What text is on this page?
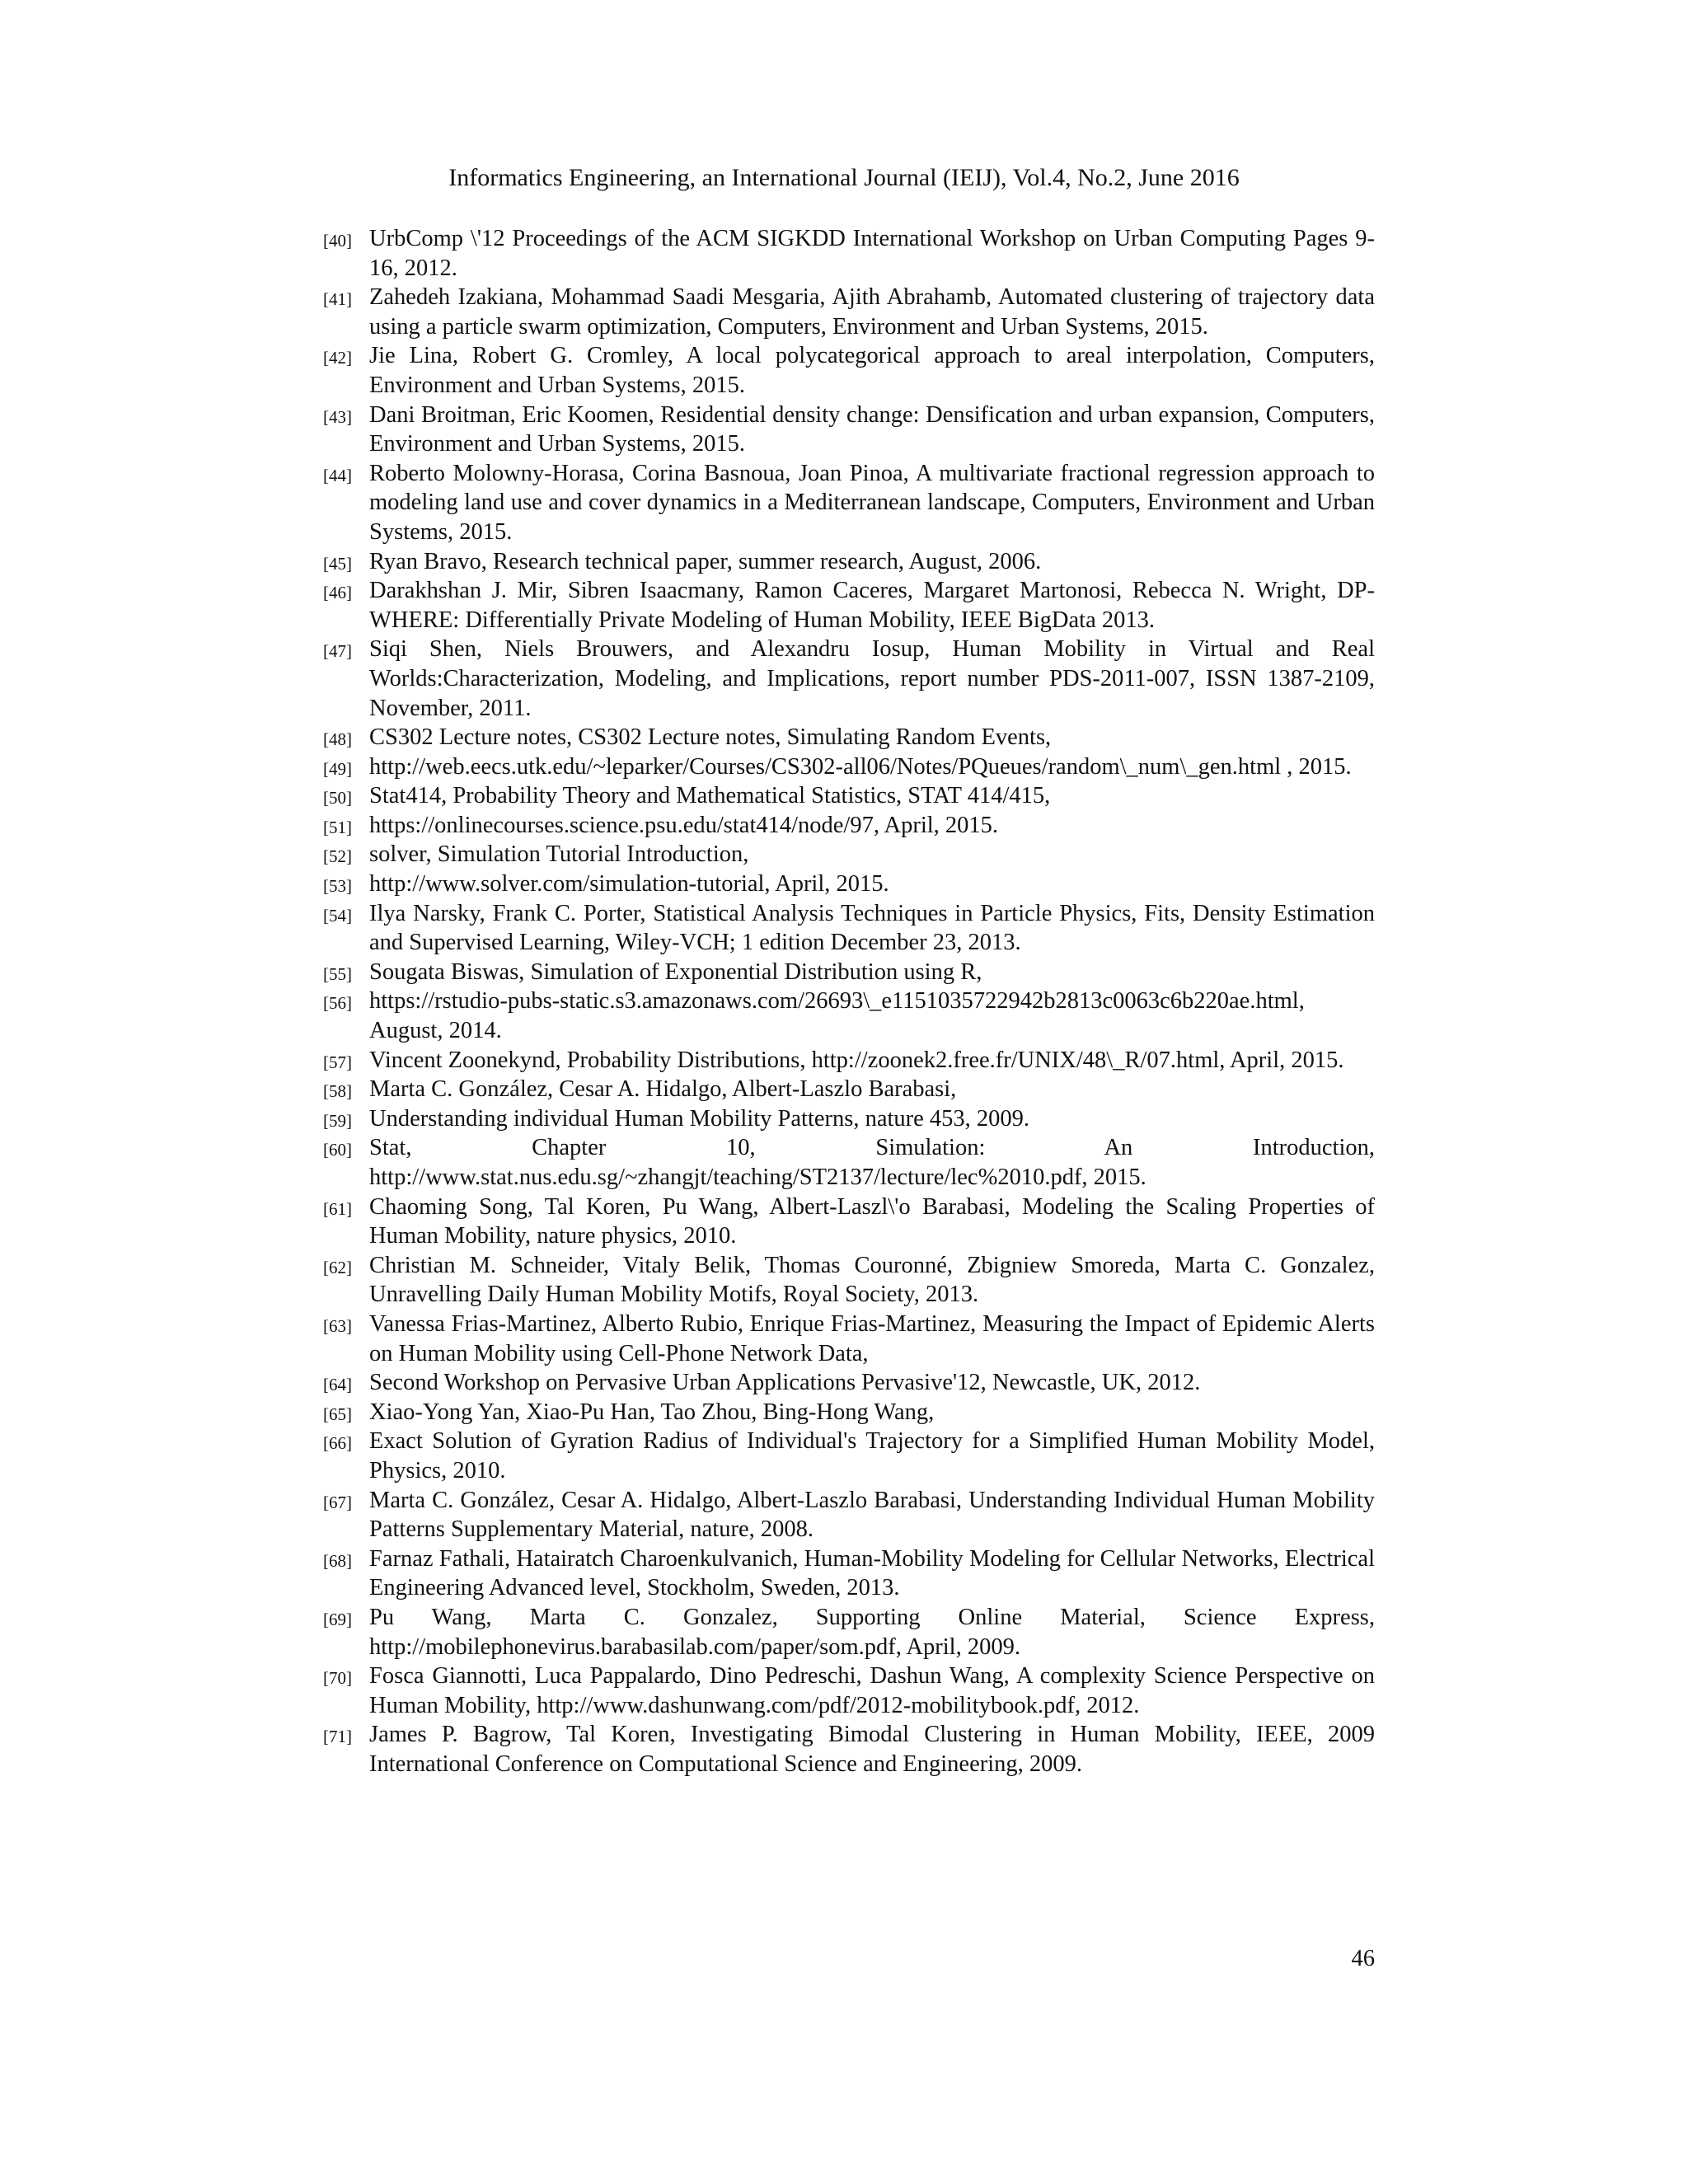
Informatics Engineering, an International Journal (IEIJ), Vol.4, No.2, June 2016
[40] UrbComp \'12 Proceedings of the ACM SIGKDD International Workshop on Urban Computing Pages 9-16, 2012.
[41] Zahedeh Izakiana, Mohammad Saadi Mesgaria, Ajith Abrahamb, Automated clustering of trajectory data using a particle swarm optimization, Computers, Environment and Urban Systems, 2015.
[42] Jie Lina, Robert G. Cromley, A local polycategorical approach to areal interpolation, Computers, Environment and Urban Systems, 2015.
[43] Dani Broitman, Eric Koomen, Residential density change: Densification and urban expansion, Computers, Environment and Urban Systems, 2015.
[44] Roberto Molowny-Horasa, Corina Basnoua, Joan Pinoa, A multivariate fractional regression approach to modeling land use and cover dynamics in a Mediterranean landscape, Computers, Environment and Urban Systems, 2015.
[45] Ryan Bravo, Research technical paper, summer research, August, 2006.
[46] Darakhshan J. Mir, Sibren Isaacmany, Ramon Caceres, Margaret Martonosi, Rebecca N. Wright, DP-WHERE: Differentially Private Modeling of Human Mobility, IEEE BigData 2013.
[47] Siqi Shen, Niels Brouwers, and Alexandru Iosup, Human Mobility in Virtual and Real Worlds:Characterization, Modeling, and Implications, report number PDS-2011-007, ISSN 1387-2109, November, 2011.
[48] CS302 Lecture notes, CS302 Lecture notes, Simulating Random Events,
[49] http://web.eecs.utk.edu/~leparker/Courses/CS302-all06/Notes/PQueues/random\_num\_gen.html , 2015.
[50] Stat414, Probability Theory and Mathematical Statistics, STAT 414/415,
[51] https://onlinecourses.science.psu.edu/stat414/node/97, April, 2015.
[52] solver, Simulation Tutorial Introduction,
[53] http://www.solver.com/simulation-tutorial, April, 2015.
[54] Ilya Narsky, Frank C. Porter, Statistical Analysis Techniques in Particle Physics, Fits, Density Estimation and Supervised Learning, Wiley-VCH; 1 edition December 23, 2013.
[55] Sougata Biswas, Simulation of Exponential Distribution using R,
[56] https://rstudio-pubs-static.s3.amazonaws.com/26693\_e1151035722942b2813c0063c6b220ae.html, August, 2014.
[57] Vincent Zoonekynd, Probability Distributions, http://zoonek2.free.fr/UNIX/48\_R/07.html, April, 2015.
[58] Marta C. González, Cesar A. Hidalgo, Albert-Laszlo Barabasi,
[59] Understanding individual Human Mobility Patterns, nature 453, 2009.
[60] Stat, Chapter 10, Simulation: An Introduction, http://www.stat.nus.edu.sg/~zhangjt/teaching/ST2137/lecture/lec%2010.pdf, 2015.
[61] Chaoming Song, Tal Koren, Pu Wang, Albert-Laszl\'o Barabasi, Modeling the Scaling Properties of Human Mobility, nature physics, 2010.
[62] Christian M. Schneider, Vitaly Belik, Thomas Couronné, Zbigniew Smoreda, Marta C. Gonzalez, Unravelling Daily Human Mobility Motifs, Royal Society, 2013.
[63] Vanessa Frias-Martinez, Alberto Rubio, Enrique Frias-Martinez, Measuring the Impact of Epidemic Alerts on Human Mobility using Cell-Phone Network Data,
[64] Second Workshop on Pervasive Urban Applications Pervasive'12, Newcastle, UK, 2012.
[65] Xiao-Yong Yan, Xiao-Pu Han, Tao Zhou, Bing-Hong Wang,
[66] Exact Solution of Gyration Radius of Individual's Trajectory for a Simplified Human Mobility Model, Physics, 2010.
[67] Marta C. González, Cesar A. Hidalgo, Albert-Laszlo Barabasi, Understanding Individual Human Mobility Patterns Supplementary Material, nature, 2008.
[68] Farnaz Fathali, Hatairatch Charoenkulvanich, Human-Mobility Modeling for Cellular Networks, Electrical Engineering Advanced level, Stockholm, Sweden, 2013.
[69] Pu Wang, Marta C. Gonzalez, Supporting Online Material, Science Express, http://mobilephonevirus.barabasilab.com/paper/som.pdf, April, 2009.
[70] Fosca Giannotti, Luca Pappalardo, Dino Pedreschi, Dashun Wang, A complexity Science Perspective on Human Mobility, http://www.dashunwang.com/pdf/2012-mobilitybook.pdf, 2012.
[71] James P. Bagrow, Tal Koren, Investigating Bimodal Clustering in Human Mobility, IEEE, 2009 International Conference on Computational Science and Engineering, 2009.
46
